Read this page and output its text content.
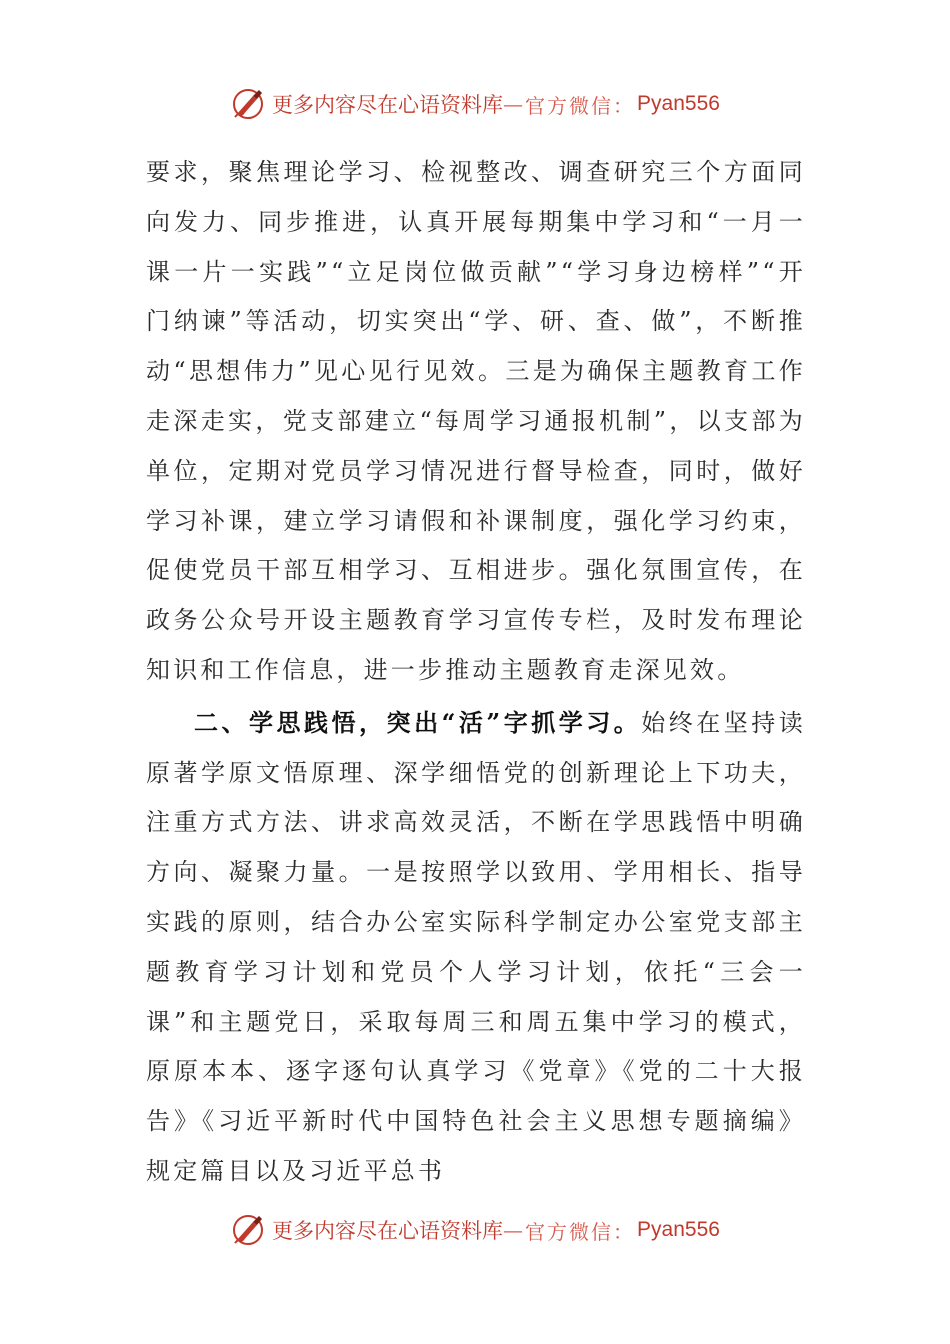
更多内容尽在心语资料库 — 官方微信： Pyan556

要求，聚焦理论学习、检视整改、调查研究三个方面同向发力、同步推进，认真开展每期集中学习和“一月一课一片一实践”“立足岗位做贡献”“学习身边榜样”“开门纳谏”等活动，切实突出“学、研、查、做”，不断推动“思想伟力”见心见行见效。三是为确保主题教育工作走深走实，党支部建立“每周学习通报机制”，以支部为单位，定期对党员学习情况进行督导检查，同时，做好学习补课，建立学习请假和补课制度，强化学习约束，促使党员干部互相学习、互相进步。强化氛围宣传，在政务公众号开设主题教育学习宣传专栏，及时发布理论知识和工作信息，进一步推动主题教育走深见效。

二、学思践悟，突出“活”字抓学习。始终在坚持读原著学原文悟原理、深学细悟党的创新理论上下功夫，注重方式方法、讲求高效灵活，不断在学思践悟中明确方向、凝聚力量。一是按照学以致用、学用相长、指导实践的原则，结合办公室实际科学制定办公室党支部主题教育学习计划和党员个人学习计划，依托“三会一课”和主题党日，采取每周三和周五集中学习的模式，原原本本、逐字逐句认真学习《党章》《党的二十大报告》《习近平新时代中国特色社会主义思想专题摘编》规定篇目以及习近平总书

更多内容尽在心语资料库 — 官方微信： Pyan556
